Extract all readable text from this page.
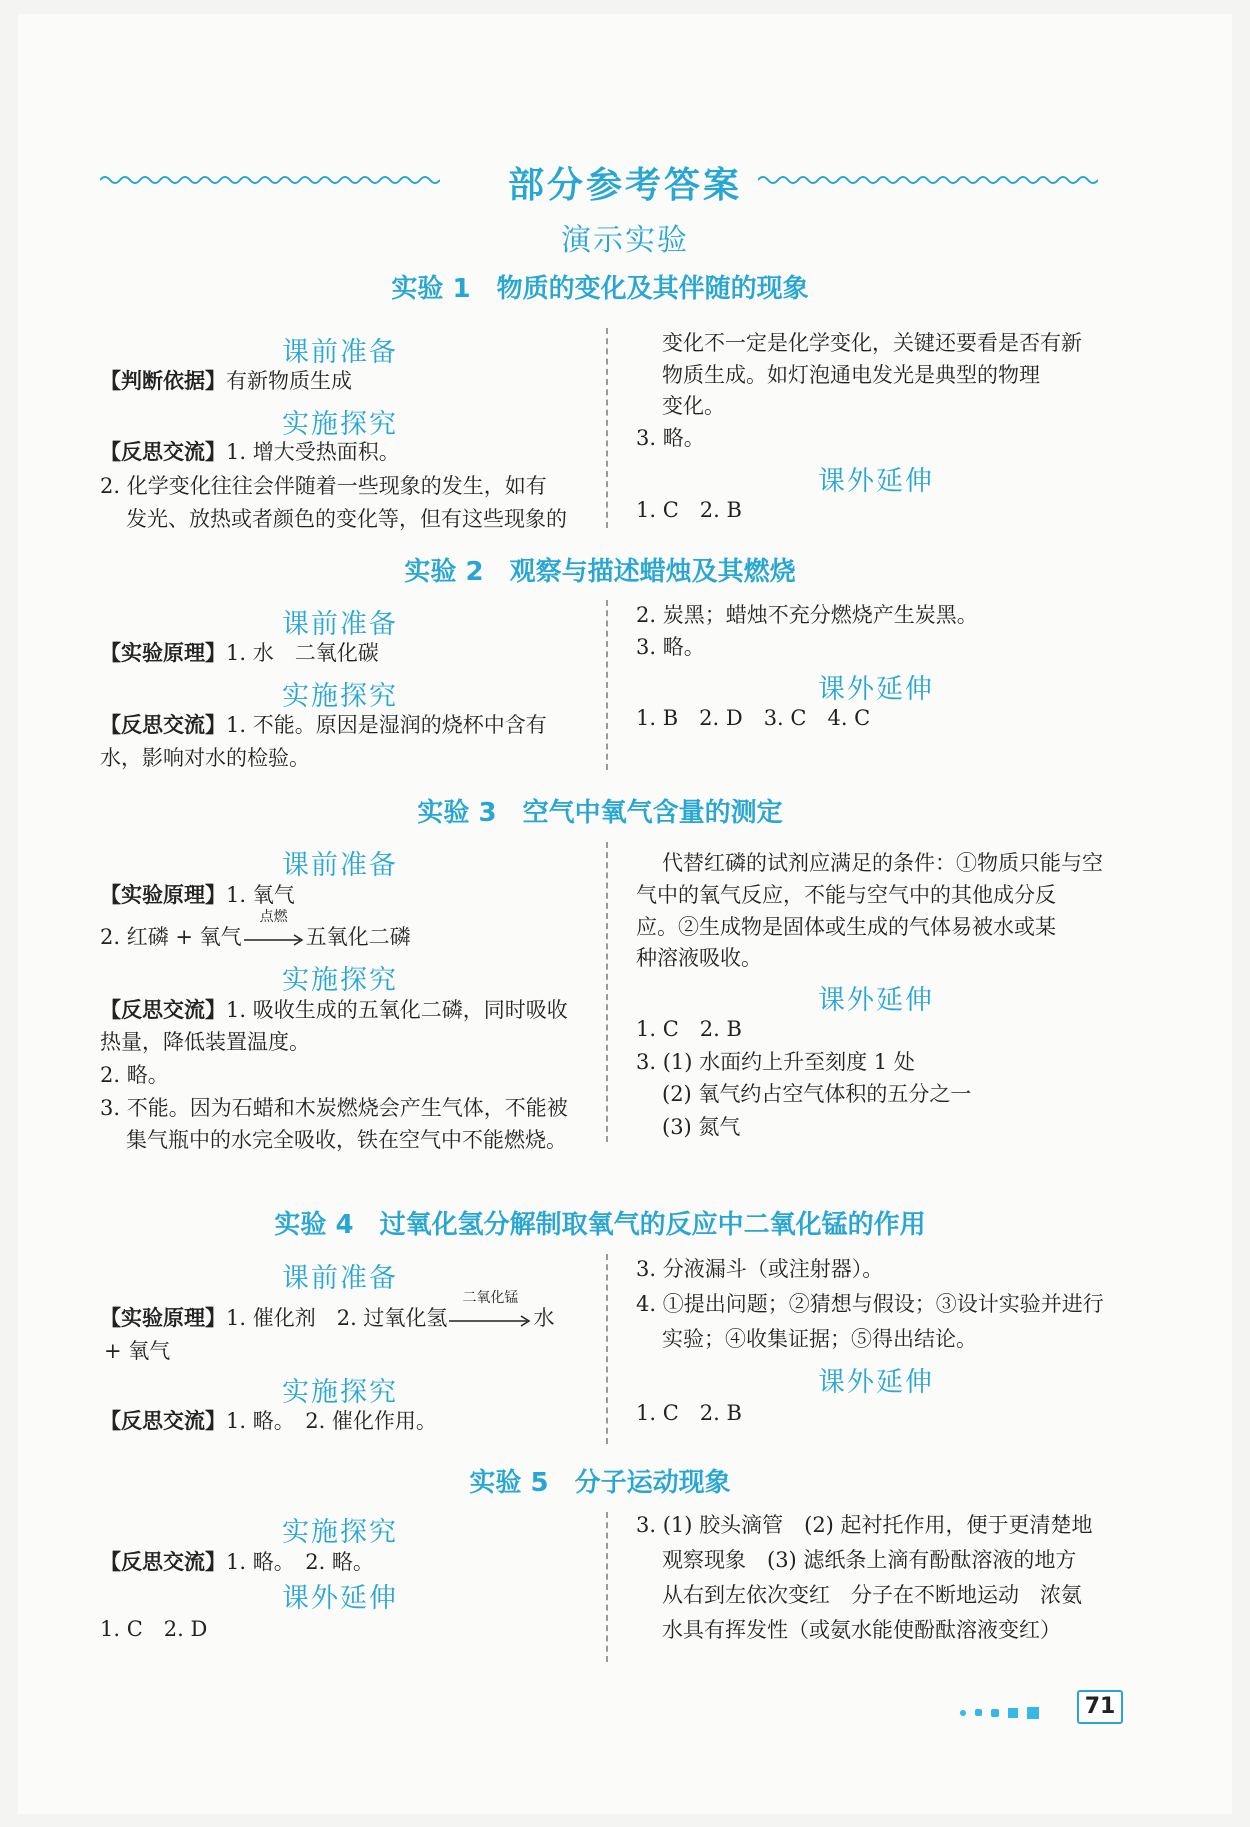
部分参考答案
演示实验
实验 1　物质的变化及其伴随的现象
课前准备
【判断依据】有新物质生成
实施探究
【反思交流】1. 增大受热面积。
2. 化学变化往往会伴随着一些现象的发生，如有
发光、放热或者颜色的变化等，但有这些现象的
变化不一定是化学变化，关键还要看是否有新
物质生成。如灯泡通电发光是典型的物理
变化。
3. 略。
课外延伸
1. C　2. B
实验 2　观察与描述蜡烛及其燃烧
课前准备
【实验原理】1. 水　二氧化碳
实施探究
【反思交流】1. 不能。原因是湿润的烧杯中含有
水，影响对水的检验。
2. 炭黑；蜡烛不充分燃烧产生炭黑。
3. 略。
课外延伸
1. B　2. D　3. C　4. C
实验 3　空气中氧气含量的测定
课前准备
【实验原理】1. 氧气
2. 红磷 + 氧气
点燃
五氧化二磷
实施探究
【反思交流】1. 吸收生成的五氧化二磷，同时吸收
热量，降低装置温度。
2. 略。
3. 不能。因为石蜡和木炭燃烧会产生气体，不能被
集气瓶中的水完全吸收，铁在空气中不能燃烧。
代替红磷的试剂应满足的条件：①物质只能与空
气中的氧气反应，不能与空气中的其他成分反
应。②生成物是固体或生成的气体易被水或某
种溶液吸收。
课外延伸
1. C　2. B
3. (1) 水面约上升至刻度 1 处
(2) 氧气约占空气体积的五分之一
(3) 氮气
实验 4　过氧化氢分解制取氧气的反应中二氧化锰的作用
课前准备
【实验原理】1. 催化剂　2. 过氧化氢
二氧化锰
水
+ 氧气
实施探究
【反思交流】1. 略。　2. 催化作用。
3. 分液漏斗（或注射器）。
4. ①提出问题；②猜想与假设；③设计实验并进行
实验；④收集证据；⑤得出结论。
课外延伸
1. C　2. B
实验 5　分子运动现象
实施探究
【反思交流】1. 略。　2. 略。
课外延伸
1. C　2. D
3. (1) 胶头滴管　(2) 起衬托作用，便于更清楚地
观察现象　(3) 滤纸条上滴有酚酞溶液的地方
从右到左依次变红　分子在不断地运动　浓氨
水具有挥发性（或氨水能使酚酞溶液变红）
71
